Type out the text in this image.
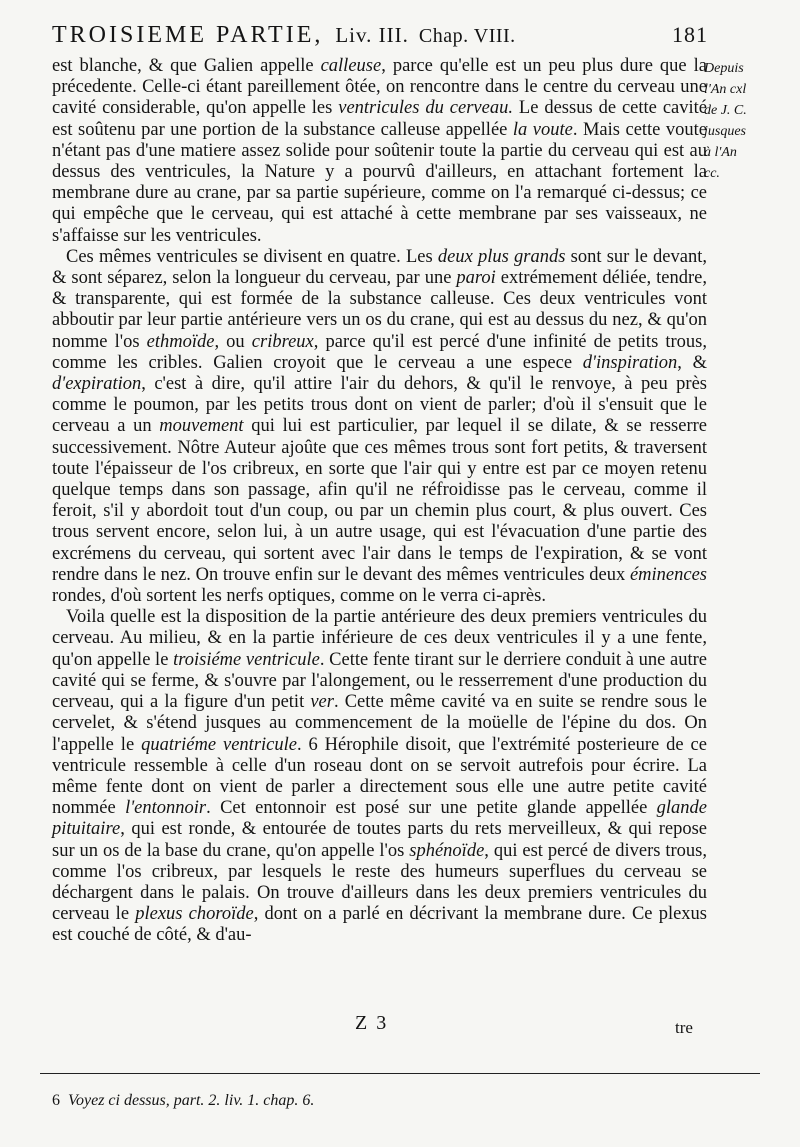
TROISIEME PARTIE, Liv. III. Chap. VIII.	181
Depuis
l'An cxl
de J. C.
jusques
à l'An
cc.

est blanche, & que Galien appelle calleuse, parce qu'elle est un peu plus dure que la précedente. Celle-ci étant pareillement ôtée, on rencontre dans le centre du cerveau une cavité considerable, qu'on appelle les ventricules du cerveau. Le dessus de cette cavité est soûtenu par une portion de la substance calleuse appellée la voute. Mais cette voute n'étant pas d'une matiere assez solide pour soûtenir toute la partie du cerveau qui est au dessus des ventricules, la Nature y a pourvû d'ailleurs, en attachant fortement la membrane dure au crane, par sa partie supérieure, comme on l'a remarqué ci-dessus; ce qui empêche que le cerveau, qui est attaché à cette membrane par ses vaisseaux, ne s'affaisse sur les ventricules.

Ces mêmes ventricules se divisent en quatre. Les deux plus grands sont sur le devant, & sont séparez, selon la longueur du cerveau, par une paroi extrémement déliée, tendre, & transparente, qui est formée de la substance calleuse. Ces deux ventricules vont abboutir par leur partie antérieure vers un os du crane, qui est au dessus du nez, & qu'on nomme l'os ethmoïde, ou cribreux, parce qu'il est percé d'une infinité de petits trous, comme les cribles. Galien croyoit que le cerveau a une espece d'inspiration, & d'expiration, c'est à dire, qu'il attire l'air du dehors, & qu'il le renvoye, à peu près comme le poumon, par les petits trous dont on vient de parler; d'où il s'ensuit que le cerveau a un mouvement qui lui est particulier, par lequel il se dilate, & se resserre successivement. Nôtre Auteur ajoûte que ces mêmes trous sont fort petits, & traversent toute l'épaisseur de l'os cribreux, en sorte que l'air qui y entre est par ce moyen retenu quelque temps dans son passage, afin qu'il ne réfroidisse pas le cerveau, comme il feroit, s'il y abordoit tout d'un coup, ou par un chemin plus court, & plus ouvert. Ces trous servent encore, selon lui, à un autre usage, qui est l'évacuation d'une partie des excrémens du cerveau, qui sortent avec l'air dans le temps de l'expiration, & se vont rendre dans le nez. On trouve enfin sur le devant des mêmes ventricules deux éminences rondes, d'où sortent les nerfs optiques, comme on le verra ci-après.

Voila quelle est la disposition de la partie antérieure des deux premiers ventricules du cerveau. Au milieu, & en la partie inférieure de ces deux ventricules il y a une fente, qu'on appelle le troisiéme ventricule. Cette fente tirant sur le derriere conduit à une autre cavité qui se ferme, & s'ouvre par l'alongement, ou le resserrement d'une production du cerveau, qui a la figure d'un petit ver. Cette même cavité va en suite se rendre sous le cervelet, & s'étend jusques au commencement de la moüelle de l'épine du dos. On l'appelle le quatriéme ventricule. 6 Hérophile disoit, que l'extrémité posterieure de ce ventricule ressemble à celle d'un roseau dont on se servoit autrefois pour écrire. La même fente dont on vient de parler a directement sous elle une autre petite cavité nommée l'entonnoir. Cet entonnoir est posé sur une petite glande appellée glande pituitaire, qui est ronde, & entourée de toutes parts du rets merveilleux, & qui repose sur un os de la base du crane, qu'on appelle l'os sphénoïde, qui est percé de divers trous, comme l'os cribreux, par lesquels le reste des humeurs superflues du cerveau se déchargent dans le palais. On trouve d'ailleurs dans les deux premiers ventricules du cerveau le plexus choroïde, dont on a parlé en décrivant la membrane dure. Ce plexus est couché de côté, & d'au-

Z 3	tre
6 Voyez ci dessus, part. 2. liv. 1. chap. 6.
